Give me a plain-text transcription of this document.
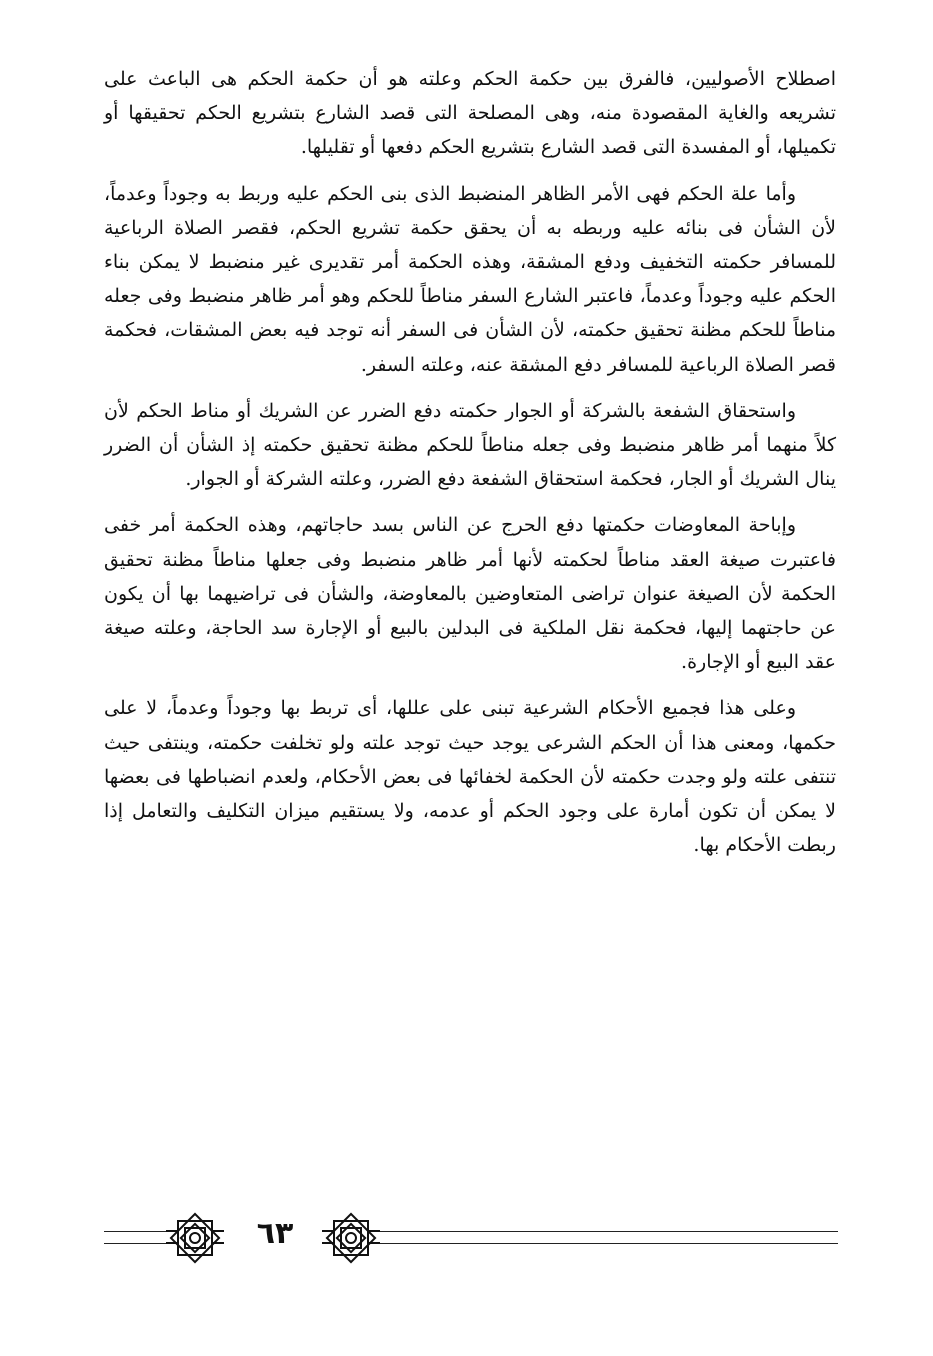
اصطلاح الأصوليين، فالفرق بين حكمة الحكم وعلته هو أن حكمة الحكم هى الباعث على تشريعه والغاية المقصودة منه، وهى المصلحة التى قصد الشارع بتشريع الحكم تحقيقها أو تكميلها، أو المفسدة التى قصد الشارع بتشريع الحكم دفعها أو تقليلها.

وأما علة الحكم فهى الأمر الظاهر المنضبط الذى بنى الحكم عليه وربط به وجوداً وعدماً، لأن الشأن فى بنائه عليه وربطه به أن يحقق حكمة تشريع الحكم، فقصر الصلاة الرباعية للمسافر حكمته التخفيف ودفع المشقة، وهذه الحكمة أمر تقديرى غير منضبط لا يمكن بناء الحكم عليه وجوداً وعدماً، فاعتبر الشارع السفر مناطاً للحكم وهو أمر ظاهر منضبط وفى جعله مناطاً للحكم مظنة تحقيق حكمته، لأن الشأن فى السفر أنه توجد فيه بعض المشقات، فحكمة قصر الصلاة الرباعية للمسافر دفع المشقة عنه، وعلته السفر.

واستحقاق الشفعة بالشركة أو الجوار حكمته دفع الضرر عن الشريك أو مناط الحكم لأن كلاً منهما أمر ظاهر منضبط وفى جعله مناطاً للحكم مظنة تحقيق حكمته إذ الشأن أن الضرر ينال الشريك أو الجار، فحكمة استحقاق الشفعة دفع الضرر، وعلته الشركة أو الجوار.

وإباحة المعاوضات حكمتها دفع الحرج عن الناس بسد حاجاتهم، وهذه الحكمة أمر خفى فاعتبرت صيغة العقد مناطاً لحكمته لأنها أمر ظاهر منضبط وفى جعلها مناطاً مظنة تحقيق الحكمة لأن الصيغة عنوان تراضى المتعاوضين بالمعاوضة، والشأن فى تراضيهما بها أن يكون عن حاجتهما إليها، فحكمة نقل الملكية فى البدلين بالبيع أو الإجارة سد الحاجة، وعلته صيغة عقد البيع أو الإجارة.

وعلى هذا فجميع الأحكام الشرعية تبنى على عللها، أى تربط بها وجوداً وعدماً، لا على حكمها، ومعنى هذا أن الحكم الشرعى يوجد حيث توجد علته ولو تخلفت حكمته، وينتفى حيث تنتفى علته ولو وجدت حكمته لأن الحكمة لخفائها فى بعض الأحكام، ولعدم انضباطها فى بعضها لا يمكن أن تكون أمارة على وجود الحكم أو عدمه، ولا يستقيم ميزان التكليف والتعامل إذا ربطت الأحكام بها.

٦٣
